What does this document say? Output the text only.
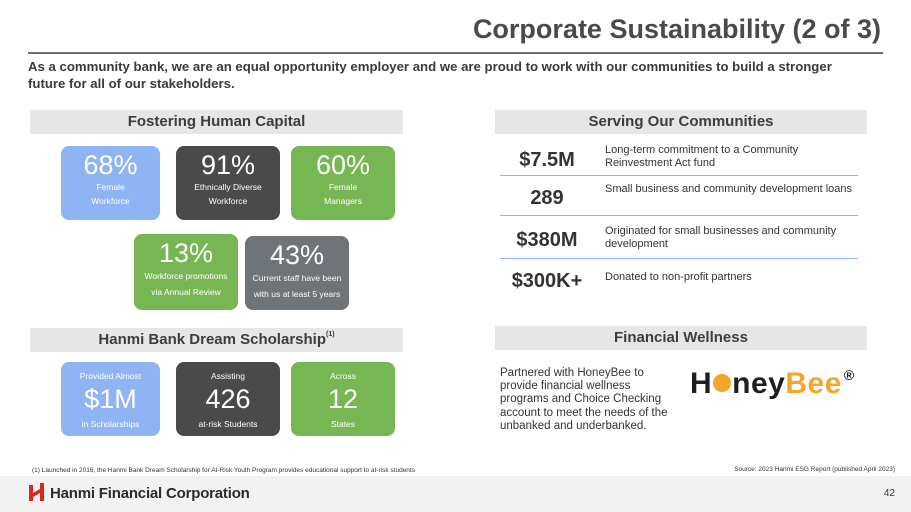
Corporate Sustainability (2 of 3)
As a community bank, we are an equal opportunity employer and we are proud to work with our communities to build a stronger future for all of our stakeholders.
Fostering Human Capital
68%
Female
Workforce
91%
Ethnically Diverse
Workforce
60%
Female
Managers
13%
Workforce promotions
via Annual Review
43%
Current staff have been
with us at least 5 years
Hanmi Bank Dream Scholarship$^{(1)}$
Provided Almost
$1M
in Scholarships
Assisting
426
at-risk Students
Across
12
States
Serving Our Communities
$7.5M	Long-term commitment to a Community Reinvestment Act fund
289	Small business and community development loans
$380M	Originated for small businesses and community development
$300K+	Donated to non-profit partners
Financial Wellness
Partnered with HoneyBee to provide financial wellness programs and Choice Checking account to meet the needs of the unbanked and underbanked.
H neyBee ®
(1) Launched in 2016, the Hanmi Bank Dream Scholarship for At-Risk Youth Program provides educational support to at-risk students	Source: 2023 Hanmi ESG Report (published April 2023)
Hanmi Financial Corporation	42
